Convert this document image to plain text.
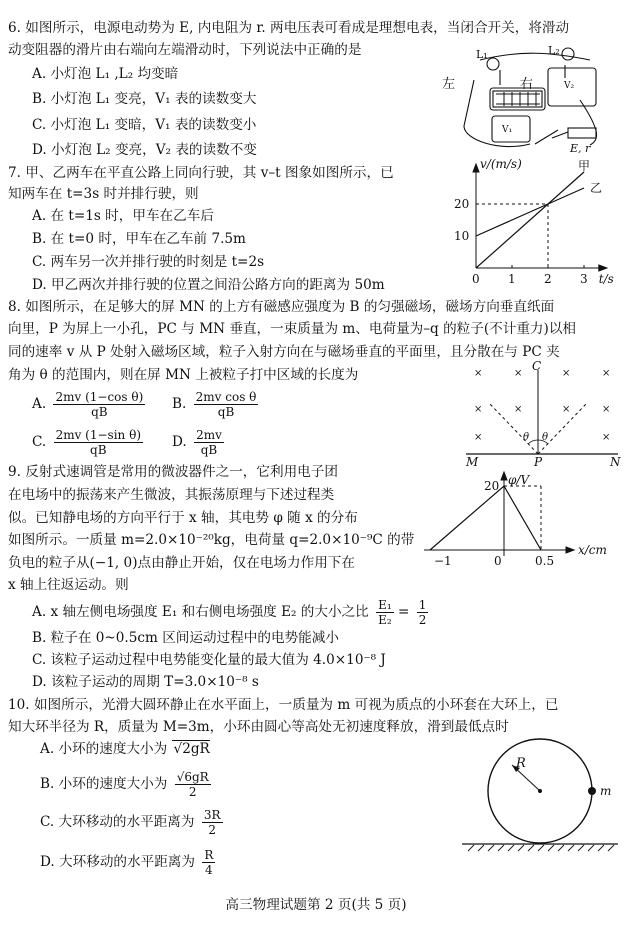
6. 如图所示，电源电动势为 E, 内电阻为 r. 两电压表可看成是理想电表，当闭合开关，将滑动
动变阻器的滑片由右端向左端滑动时，下列说法中正确的是
A. 小灯泡 L₁ ,L₂ 均变暗
B. 小灯泡 L₁ 变亮，V₁ 表的读数变大
C. 小灯泡 L₁ 变暗，V₁ 表的读数变小
D. 小灯泡 L₂ 变亮，V₂ 表的读数不变
左	右
L₁	L₂
V₁
V₂
E, r
7. 甲、乙两车在平直公路上同向行驶，其 v–t 图象如图所示，已
知两车在 t=3s 时并排行驶，则
A. 在 t=1s 时，甲车在乙车后
B. 在 t=0 时，甲车在乙车前 7.5m
C. 两车另一次并排行驶的时刻是 t=2s
D. 甲乙两次并排行驶的位置之间沿公路方向的距离为 50m
甲
乙
0 1 2 3
10
20
v/(m/s)
t/s
8. 如图所示，在足够大的屏 MN 的上方有磁感应强度为 B 的匀强磁场，磁场方向垂直纸面
向里，P 为屏上一小孔，PC 与 MN 垂直，一束质量为 m、电荷量为–q 的粒子(不计重力)以相
同的速率 v 从 P 处射入磁场区域，粒子入射方向在与磁场垂直的平面里，且分散在与 PC 夹
角为 θ 的范围内，则在屏 MN 上被粒子打中区域的长度为
A. $\frac{\text{2mv (1−cos θ)}}{qB} B$. $\frac{\text{2mv cos θ}}{qB}$
C. $\frac{\text{2mv (1−sin θ)}}{qB} D$. $\frac{2mv}{qB}$
×	×	×	×
×	×	×	×
×	×
C
θ θ
M	P	N
9. 反射式速调管是常用的微波器件之一，它利用电子团
在电场中的振荡来产生微波，其振荡原理与下述过程类
似。已知静电场的方向平行于 x 轴，其电势 φ 随 x 的分布
如图所示。一质量 m=2.0×10⁻²⁰kg，电荷量 q=2.0×10⁻⁹C 的带
负电的粒子从(−1, 0)点由静止开始，仅在电场力作用下在
x 轴上往返运动。则
A. x 轴左侧电场强度 E₁ 和右侧电场强度 E₂ 的大小之比 $\frac{\text{E₁}}{\text{E₂}} = \frac{1}{2}$
B. 粒子在 0~0.5cm 区间运动过程中的电势能减小
C. 该粒子运动过程中电势能变化量的最大值为 4.0×10⁻⁸ J
D. 该粒子运动的周期 T=3.0×10⁻⁸ s
−1	0	0.5
20 φ/V
x/cm
10. 如图所示，光滑大圆环静止在水平面上，一质量为 m 可视为质点的小环套在大环上，已
知大环半径为 R，质量为 M=3m，小环由圆心等高处无初速度释放，滑到最低点时
A. 小环的速度大小为 √2gR
B. 小环的速度大小为 $\frac{√6gR}{2}$
C. 大环移动的水平距离为 $\frac{3R}{2}$
D. 大环移动的水平距离为 $\frac{R}{4}$
R
m
高三物理试题第 2 页(共 5 页)
